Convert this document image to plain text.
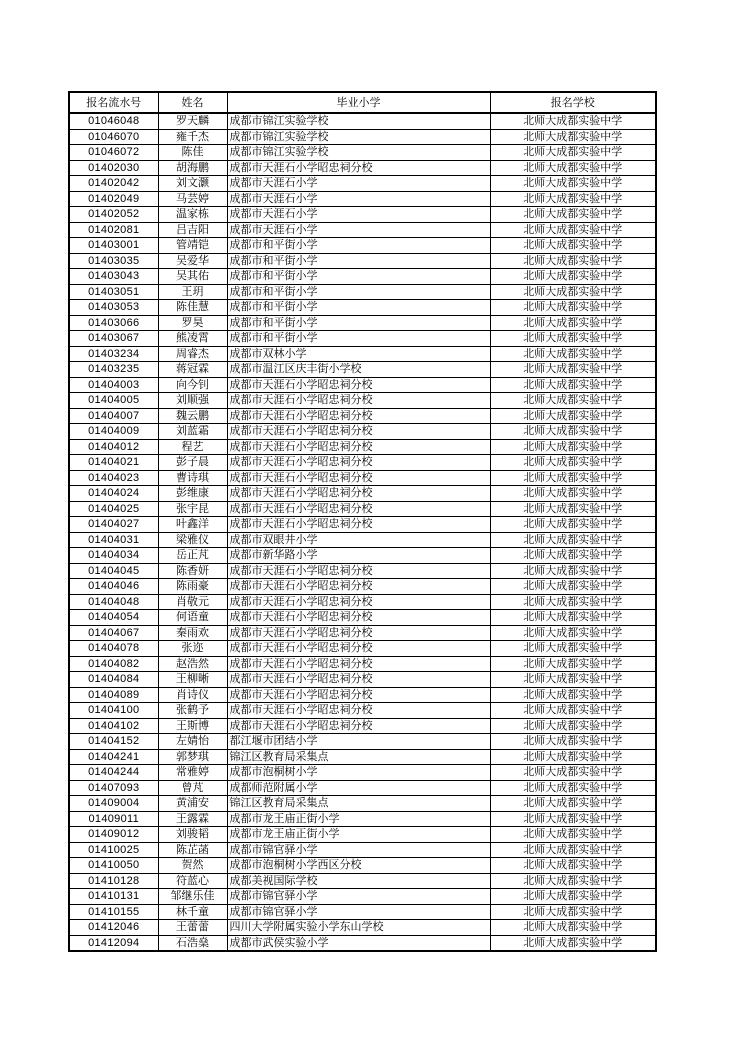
报名流水号	姓名	毕业小学	报名学校
01046048	罗天麟	成都市锦江实验学校	北师大成都实验中学
01046070	雍千杰	成都市锦江实验学校	北师大成都实验中学
01046072	陈佳	成都市锦江实验学校	北师大成都实验中学
01402030	胡海鹏	成都市天涯石小学昭忠祠分校	北师大成都实验中学
01402042	刘文灏	成都市天涯石小学	北师大成都实验中学
01402049	马芸婷	成都市天涯石小学	北师大成都实验中学
01402052	温家栋	成都市天涯石小学	北师大成都实验中学
01402081	吕吉阳	成都市天涯石小学	北师大成都实验中学
01403001	管靖铠	成都市和平街小学	北师大成都实验中学
01403035	吴爱华	成都市和平街小学	北师大成都实验中学
01403043	吴其佑	成都市和平街小学	北师大成都实验中学
01403051	王玥	成都市和平街小学	北师大成都实验中学
01403053	陈佳慧	成都市和平街小学	北师大成都实验中学
01403066	罗昊	成都市和平街小学	北师大成都实验中学
01403067	熊凌霄	成都市和平街小学	北师大成都实验中学
01403234	周睿杰	成都市双林小学	北师大成都实验中学
01403235	蒋冠霖	成都市温江区庆丰街小学校	北师大成都实验中学
01404003	向今钊	成都市天涯石小学昭忠祠分校	北师大成都实验中学
01404005	刘顺强	成都市天涯石小学昭忠祠分校	北师大成都实验中学
01404007	魏云鹏	成都市天涯石小学昭忠祠分校	北师大成都实验中学
01404009	刘蓝霜	成都市天涯石小学昭忠祠分校	北师大成都实验中学
01404012	程艺	成都市天涯石小学昭忠祠分校	北师大成都实验中学
01404021	彭子晨	成都市天涯石小学昭忠祠分校	北师大成都实验中学
01404023	曹诗琪	成都市天涯石小学昭忠祠分校	北师大成都实验中学
01404024	彭维康	成都市天涯石小学昭忠祠分校	北师大成都实验中学
01404025	张宇昆	成都市天涯石小学昭忠祠分校	北师大成都实验中学
01404027	叶鑫洋	成都市天涯石小学昭忠祠分校	北师大成都实验中学
01404031	梁雅仪	成都市双眼井小学	北师大成都实验中学
01404034	岳正芃	成都市新华路小学	北师大成都实验中学
01404045	陈香妍	成都市天涯石小学昭忠祠分校	北师大成都实验中学
01404046	陈雨豪	成都市天涯石小学昭忠祠分校	北师大成都实验中学
01404048	肖敬元	成都市天涯石小学昭忠祠分校	北师大成都实验中学
01404054	何语童	成都市天涯石小学昭忠祠分校	北师大成都实验中学
01404067	秦雨欢	成都市天涯石小学昭忠祠分校	北师大成都实验中学
01404078	张迩	成都市天涯石小学昭忠祠分校	北师大成都实验中学
01404082	赵浩然	成都市天涯石小学昭忠祠分校	北师大成都实验中学
01404084	王柳晰	成都市天涯石小学昭忠祠分校	北师大成都实验中学
01404089	肖诗仪	成都市天涯石小学昭忠祠分校	北师大成都实验中学
01404100	张鹤予	成都市天涯石小学昭忠祠分校	北师大成都实验中学
01404102	王斯博	成都市天涯石小学昭忠祠分校	北师大成都实验中学
01404152	左婧怡	都江堰市团结小学	北师大成都实验中学
01404241	郭梦琪	锦江区教育局采集点	北师大成都实验中学
01404244	常雅婷	成都市泡桐树小学	北师大成都实验中学
01407093	曾芃	成都师范附属小学	北师大成都实验中学
01409004	黄浦安	锦江区教育局采集点	北师大成都实验中学
01409011	王露霖	成都市龙王庙正街小学	北师大成都实验中学
01409012	刘骏韬	成都市龙王庙正街小学	北师大成都实验中学
01410025	陈芷菡	成都市锦官驿小学	北师大成都实验中学
01410050	贺然	成都市泡桐树小学西区分校	北师大成都实验中学
01410128	符蓝心	成都美视国际学校	北师大成都实验中学
01410131	邹继乐佳	成都市锦官驿小学	北师大成都实验中学
01410155	林千童	成都市锦官驿小学	北师大成都实验中学
01412046	王蕾蕾	四川大学附属实验小学东山学校	北师大成都实验中学
01412094	石浩燊	成都市武侯实验小学	北师大成都实验中学
